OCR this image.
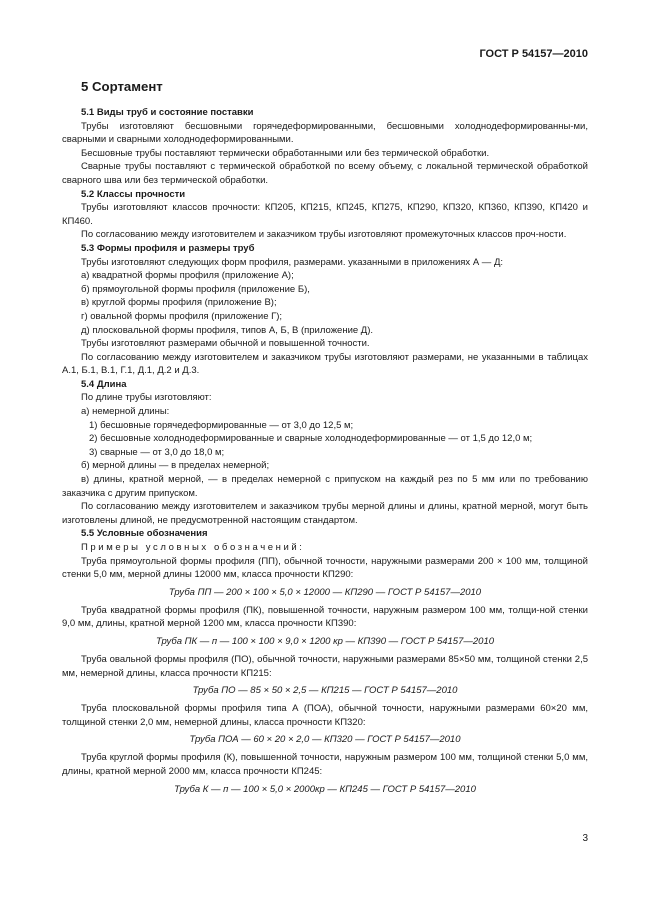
ГОСТ Р 54157—2010
5 Сортамент

5.1 Виды труб и состояние поставки

Трубы изготовляют бесшовными горячедеформированными, бесшовными холоднодеформированны-ми, сварными и сварными холоднодеформированными.

Бесшовные трубы поставляют термически обработанными или без термической обработки.

Сварные трубы поставляют с термической обработкой по всему объему, с локальной термической обработкой сварного шва или без термической обработки.

5.2 Классы прочности

Трубы изготовляют классов прочности: КП205, КП215, КП245, КП275, КП290, КП320, КП360, КП390, КП420 и КП460.

По согласованию между изготовителем и заказчиком трубы изготовляют промежуточных классов проч-ности.

5.3 Формы профиля и размеры труб

Трубы изготовляют следующих форм профиля, размерами. указанными в приложениях А — Д:

а) квадратной формы профиля (приложение А);

б) прямоугольной формы профиля (приложение Б),

в) круглой формы профиля (приложение В);

г) овальной формы профиля (приложение Г);

д) плосковальной формы профиля, типов А, Б, В (приложение Д).

Трубы изготовляют размерами обычной и повышенной точности.

По согласованию между изготовителем и заказчиком трубы изготовляют размерами, не указанными в таблицах А.1, Б.1, В.1, Г.1, Д.1, Д.2 и Д.3.

5.4 Длина

По длине трубы изготовляют:

а) немерной длины:

1) бесшовные горячедеформированные — от 3,0 до 12,5 м;

2) бесшовные холоднодеформированные и сварные холоднодеформированные — от 1,5 до 12,0 м;

3) сварные — от 3,0 до 18,0 м;

б) мерной длины — в пределах немерной;

в) длины, кратной мерной, — в пределах немерной с припуском на каждый рез по 5 мм или по требованию заказчика с другим припуском.

По согласованию между изготовителем и заказчиком трубы мерной длины и длины, кратной мерной, могут быть изготовлены длиной, не предусмотренной настоящим стандартом.

5.5 Условные обозначения

Примеры условных обозначений:

Труба прямоугольной формы профиля (ПП), обычной точности, наружными размерами 200 × 100 мм, толщиной стенки 5,0 мм, мерной длины 12000 мм, класса прочности КП290:

Труба ПП — 200 × 100 × 5,0 × 12000 — КП290 — ГОСТ Р 54157—2010

Труба квадратной формы профиля (ПК), повышенной точности, наружным размером 100 мм, толщи-ной стенки 9,0 мм, длины, кратной мерной 1200 мм, класса прочности КП390:

Труба ПК — п — 100 × 100 × 9,0 × 1200 кр — КП390 — ГОСТ Р 54157—2010

Труба овальной формы профиля (ПО), обычной точности, наружными размерами 85×50 мм, толщиной стенки 2,5 мм, немерной длины, класса прочности КП215:

Труба ПО — 85 × 50 × 2,5 — КП215 — ГОСТ Р 54157—2010

Труба плосковальной формы профиля типа А (ПОА), обычной точности, наружными размерами 60×20 мм, толщиной стенки 2,0 мм, немерной длины, класса прочности КП320:

Труба ПОА — 60 × 20 × 2,0 — КП320 — ГОСТ Р 54157—2010

Труба круглой формы профиля (К), повышенной точности, наружным размером 100 мм, толщиной стенки 5,0 мм, длины, кратной мерной 2000 мм, класса прочности КП245:

Труба К — п — 100 × 5,0 × 2000кр — КП245 — ГОСТ Р 54157—2010
3
